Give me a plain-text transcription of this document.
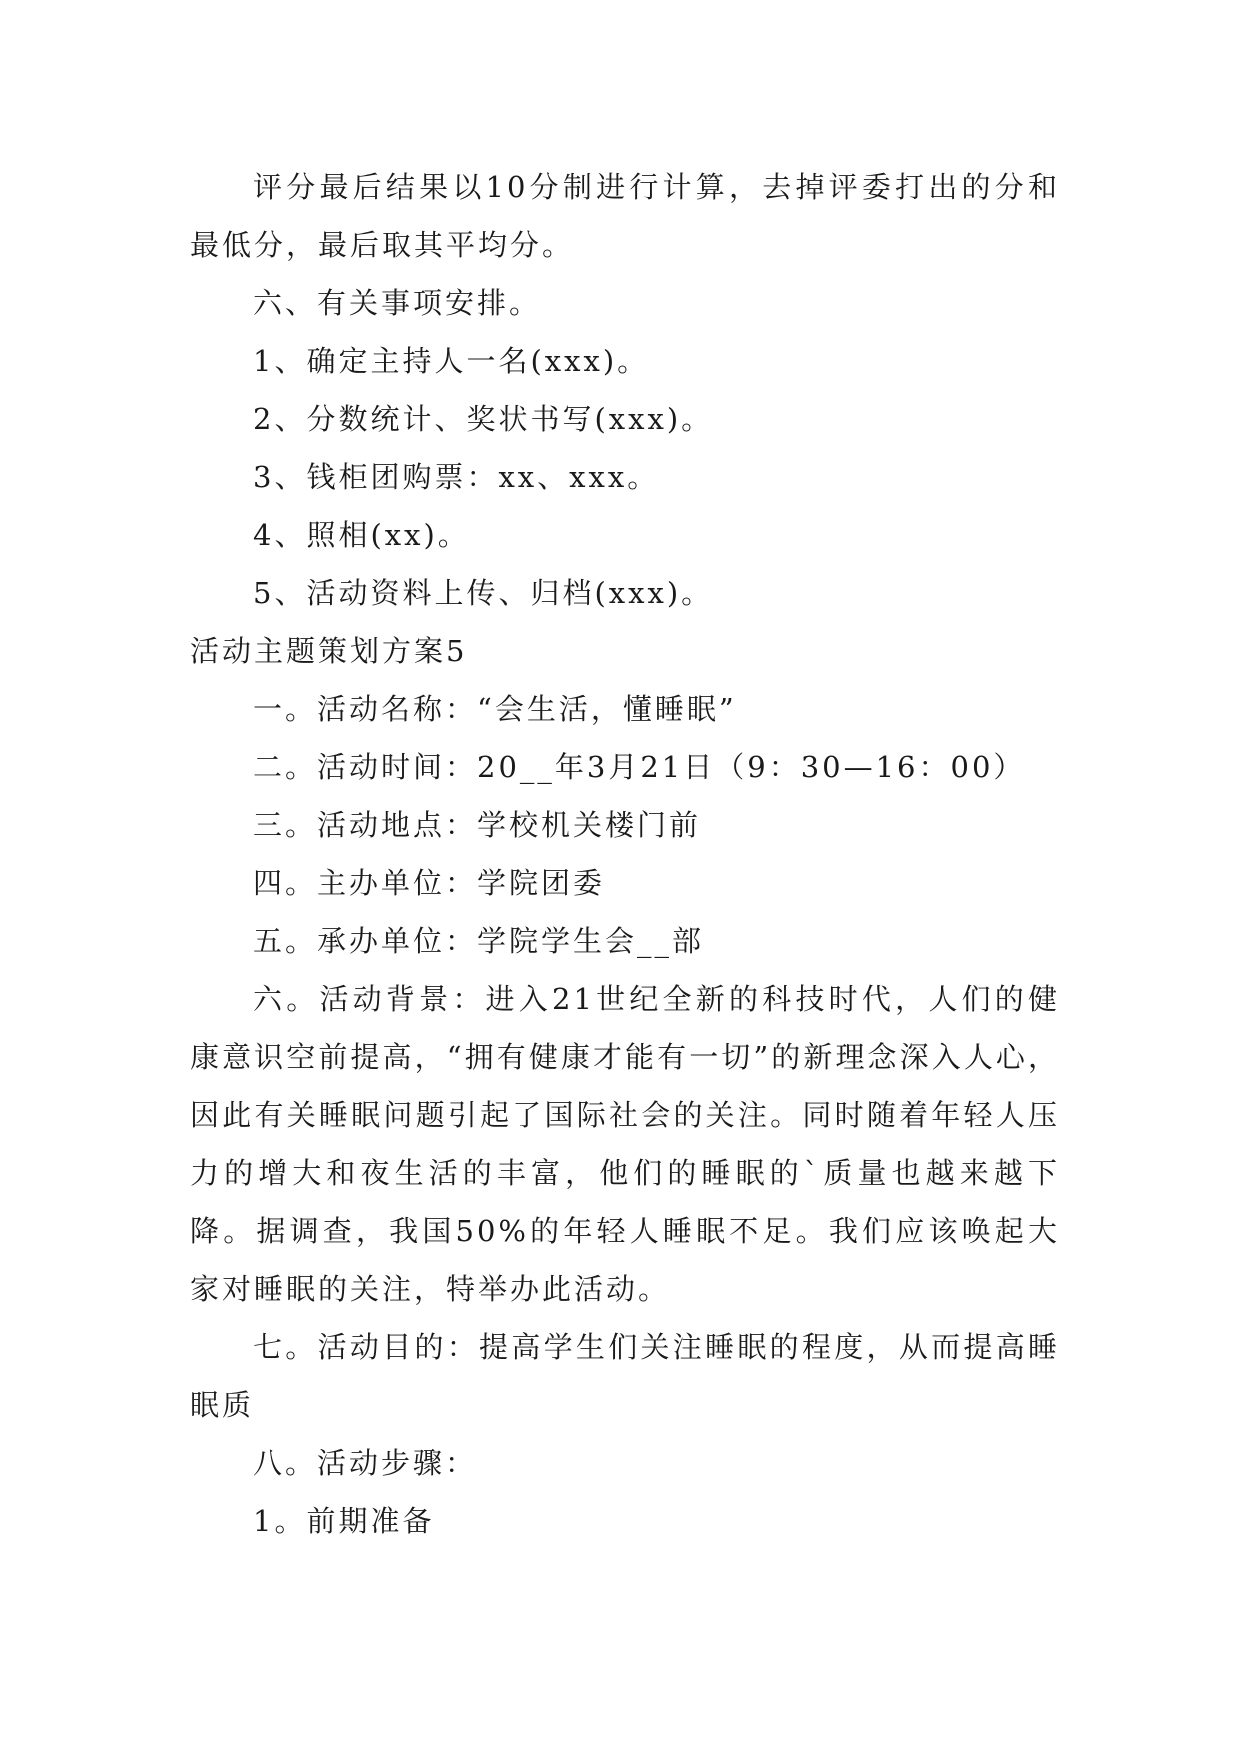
评分最后结果以10分制进行计算，去掉评委打出的分和最低分，最后取其平均分。

六、有关事项安排。

1、确定主持人一名(xxx)。

2、分数统计、奖状书写(xxx)。

3、钱柜团购票：xx、xxx。

4、照相(xx)。

5、活动资料上传、归档(xxx)。

活动主题策划方案5

一。活动名称：“会生活，懂睡眠”

二。活动时间：20__年3月21日（9：30—16：00）

三。活动地点：学校机关楼门前

四。主办单位：学院团委

五。承办单位：学院学生会__部

六。活动背景：进入21世纪全新的科技时代，人们的健康意识空前提高，“拥有健康才能有一切”的新理念深入人心，因此有关睡眠问题引起了国际社会的关注。同时随着年轻人压力的增大和夜生活的丰富，他们的睡眠的`质量也越来越下降。据调查，我国50%的年轻人睡眠不足。我们应该唤起大家对睡眠的关注，特举办此活动。

七。活动目的：提高学生们关注睡眠的程度，从而提高睡眠质

八。活动步骤：

1。前期准备
